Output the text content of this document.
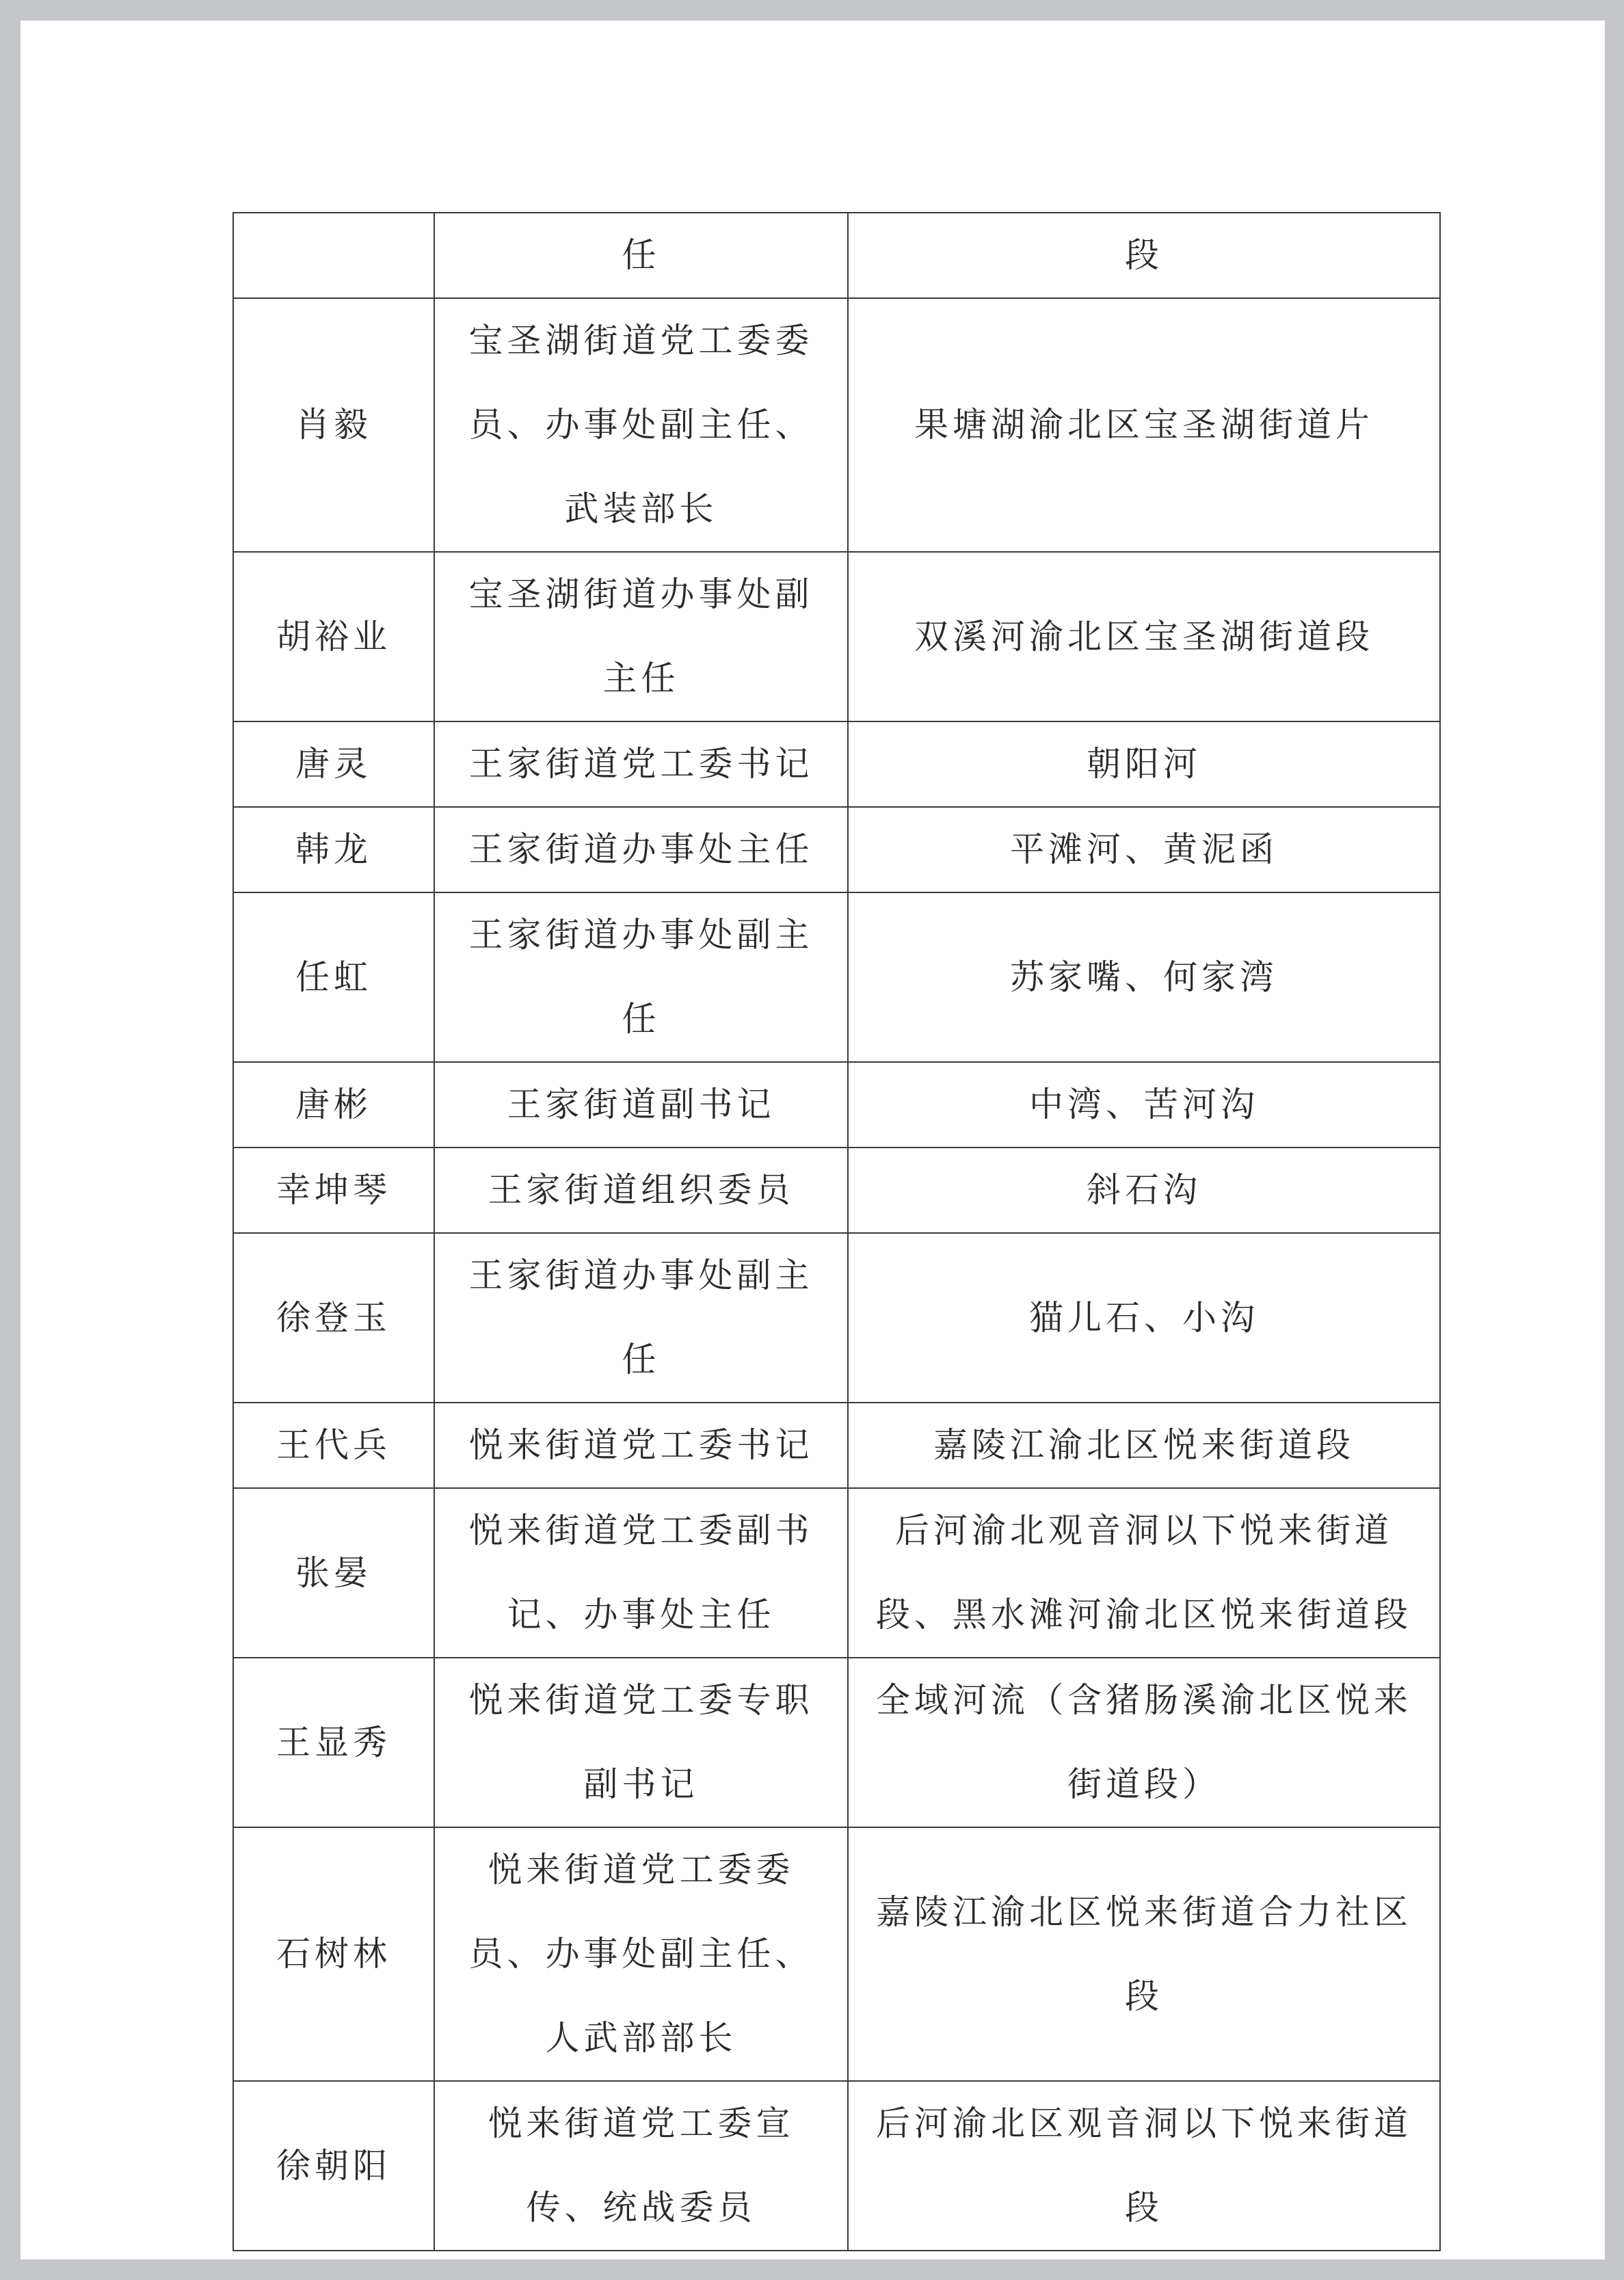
	任	段
肖毅	宝圣湖街道党工委委员、办事处副主任、武装部长	果塘湖渝北区宝圣湖街道片
胡裕业	宝圣湖街道办事处副主任	双溪河渝北区宝圣湖街道段
唐灵	王家街道党工委书记	朝阳河
韩龙	王家街道办事处主任	平滩河、黄泥函
任虹	王家街道办事处副主任	苏家嘴、何家湾
唐彬	王家街道副书记	中湾、苦河沟
幸坤琴	王家街道组织委员	斜石沟
徐登玉	王家街道办事处副主任	猫儿石、小沟
王代兵	悦来街道党工委书记	嘉陵江渝北区悦来街道段
张晏	悦来街道党工委副书记、办事处主任	后河渝北观音洞以下悦来街道段、黑水滩河渝北区悦来街道段
王显秀	悦来街道党工委专职副书记	全域河流（含猪肠溪渝北区悦来街道段）
石树林	悦来街道党工委委员、办事处副主任、人武部部长	嘉陵江渝北区悦来街道合力社区段
徐朝阳	悦来街道党工委宣传、统战委员	后河渝北区观音洞以下悦来街道段
